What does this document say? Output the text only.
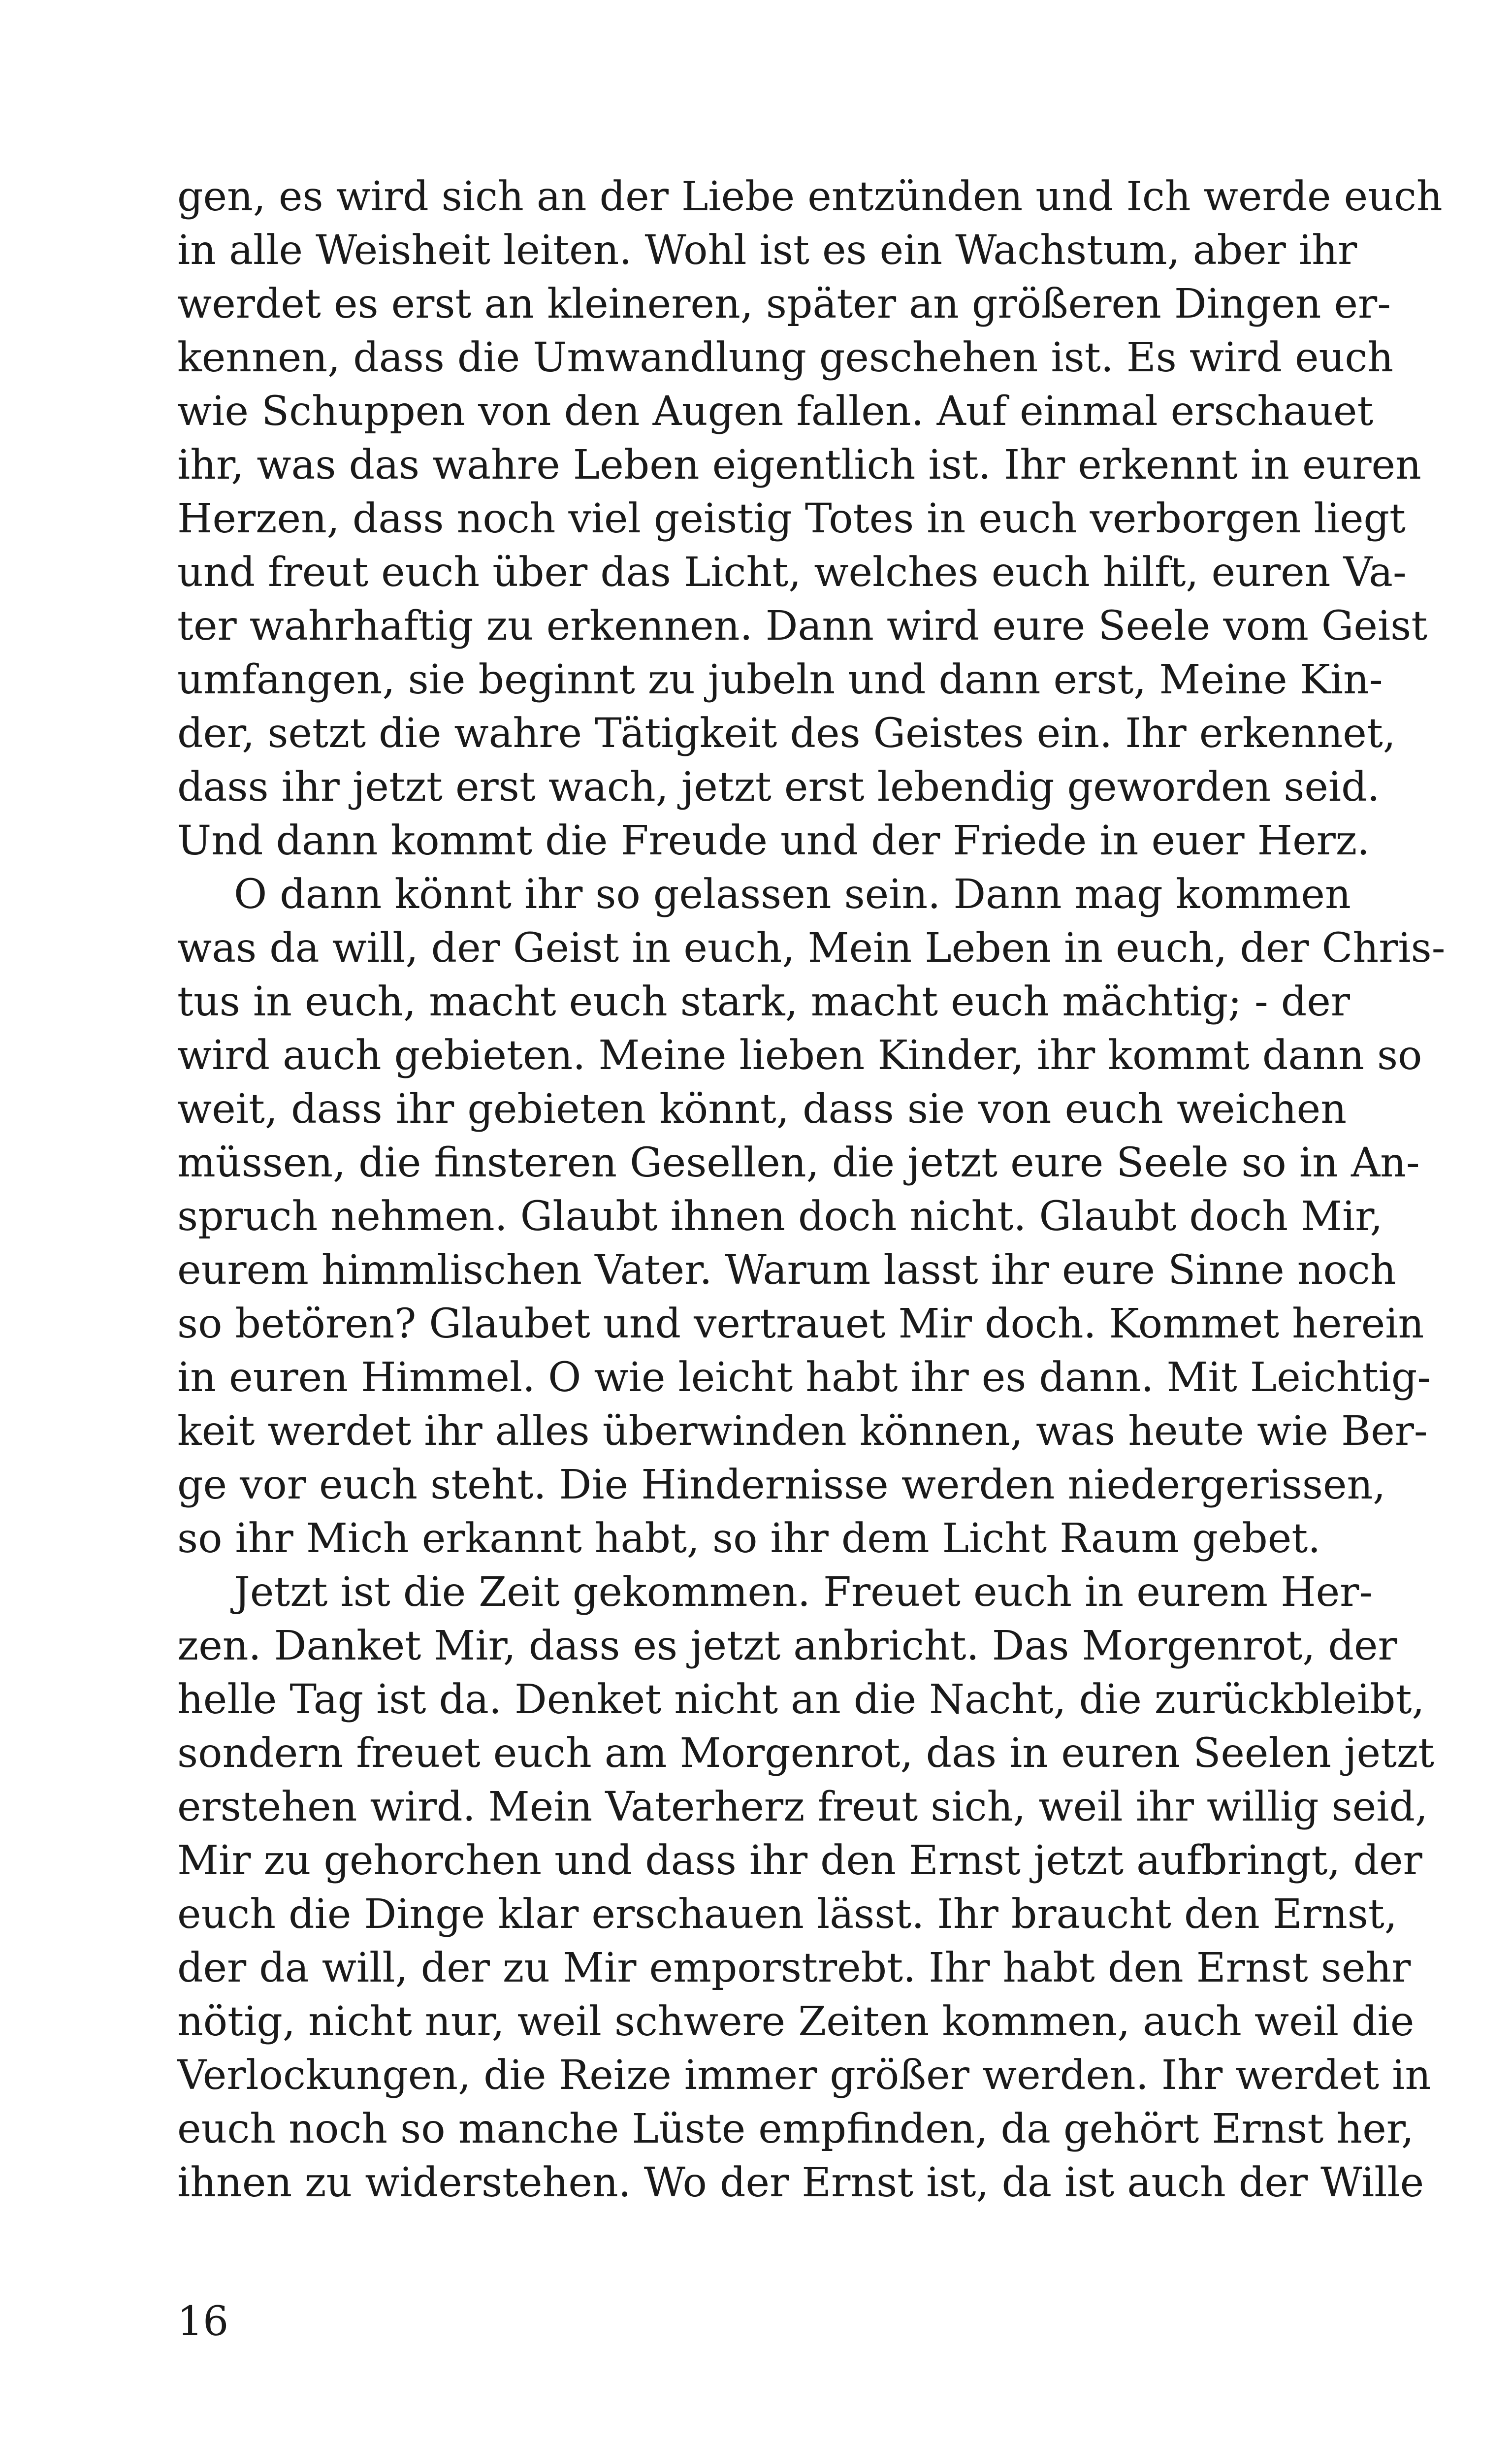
gen, es wird sich an der Liebe entzünden und Ich werde euch
in alle Weisheit leiten. Wohl ist es ein Wachstum, aber ihr
werdet es erst an kleineren, später an größeren Dingen er-
kennen, dass die Umwandlung geschehen ist. Es wird euch
wie Schuppen von den Augen fallen. Auf einmal erschauet
ihr, was das wahre Leben eigentlich ist. Ihr erkennt in euren
Herzen, dass noch viel geistig Totes in euch verborgen liegt
und freut euch über das Licht, welches euch hilft, euren Va-
ter wahrhaftig zu erkennen. Dann wird eure Seele vom Geist
umfangen, sie beginnt zu jubeln und dann erst, Meine Kin-
der, setzt die wahre Tätigkeit des Geistes ein. Ihr erkennet,
dass ihr jetzt erst wach, jetzt erst lebendig geworden seid.
Und dann kommt die Freude und der Friede in euer Herz.
O dann könnt ihr so gelassen sein. Dann mag kommen
was da will, der Geist in euch, Mein Leben in euch, der Chris-
tus in euch, macht euch stark, macht euch mächtig; - der
wird auch gebieten. Meine lieben Kinder, ihr kommt dann so
weit, dass ihr gebieten könnt, dass sie von euch weichen
müssen, die finsteren Gesellen, die jetzt eure Seele so in An-
spruch nehmen. Glaubt ihnen doch nicht. Glaubt doch Mir,
eurem himmlischen Vater. Warum lasst ihr eure Sinne noch
so betören? Glaubet und vertrauet Mir doch. Kommet herein
in euren Himmel. O wie leicht habt ihr es dann. Mit Leichtig-
keit werdet ihr alles überwinden können, was heute wie Ber-
ge vor euch steht. Die Hindernisse werden niedergerissen,
so ihr Mich erkannt habt, so ihr dem Licht Raum gebet.
Jetzt ist die Zeit gekommen. Freuet euch in eurem Her-
zen. Danket Mir, dass es jetzt anbricht. Das Morgenrot, der
helle Tag ist da. Denket nicht an die Nacht, die zurückbleibt,
sondern freuet euch am Morgenrot, das in euren Seelen jetzt
erstehen wird. Mein Vaterherz freut sich, weil ihr willig seid,
Mir zu gehorchen und dass ihr den Ernst jetzt aufbringt, der
euch die Dinge klar erschauen lässt. Ihr braucht den Ernst,
der da will, der zu Mir emporstrebt. Ihr habt den Ernst sehr
nötig, nicht nur, weil schwere Zeiten kommen, auch weil die
Verlockungen, die Reize immer größer werden. Ihr werdet in
euch noch so manche Lüste empfinden, da gehört Ernst her,
ihnen zu widerstehen. Wo der Ernst ist, da ist auch der Wille
16
